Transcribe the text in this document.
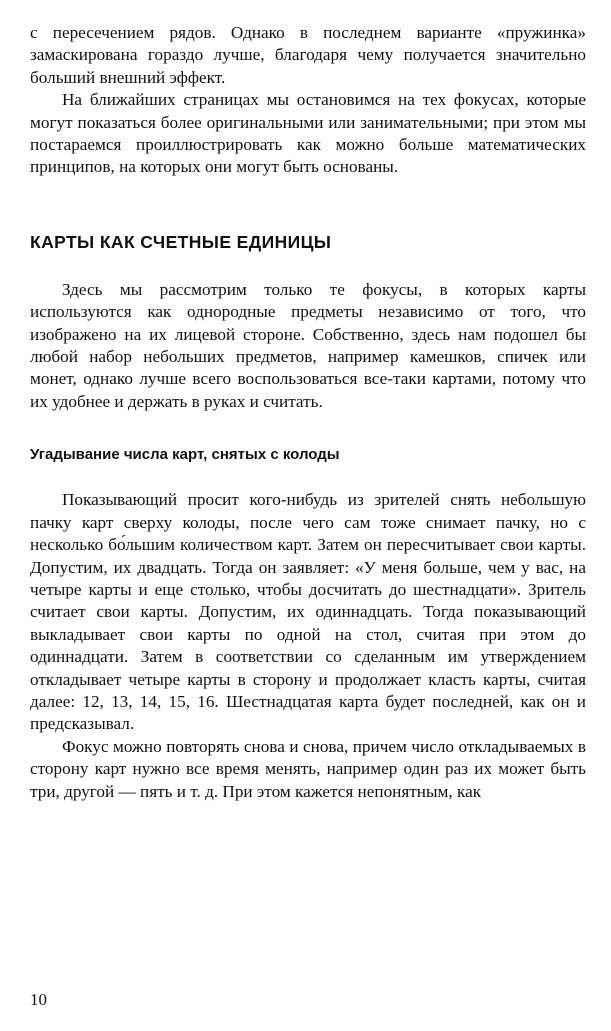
с пересечением рядов. Однако в последнем варианте «пружинка» замаскирована гораздо лучше, благодаря чему получается значительно больший внешний эффект.

На ближайших страницах мы остановимся на тех фокусах, которые могут показаться более оригинальными или занимательными; при этом мы постараемся проиллюстрировать как можно больше математических принципов, на которых они могут быть основаны.

КАРТЫ КАК СЧЕТНЫЕ ЕДИНИЦЫ

Здесь мы рассмотрим только те фокусы, в которых карты используются как однородные предметы независимо от того, что изображено на их лицевой стороне. Собственно, здесь нам подошел бы любой набор небольших предметов, например камешков, спичек или монет, однако лучше всего воспользоваться все-таки картами, потому что их удобнее и держать в руках и считать.

Угадывание числа карт, снятых с колоды

Показывающий просит кого-нибудь из зрителей снять небольшую пачку карт сверху колоды, после чего сам тоже снимает пачку, но с несколько бо́льшим количеством карт. Затем он пересчитывает свои карты. Допустим, их двадцать. Тогда он заявляет: «У меня больше, чем у вас, на четыре карты и еще столько, чтобы досчитать до шестнадцати». Зритель считает свои карты. Допустим, их одиннадцать. Тогда показывающий выкладывает свои карты по одной на стол, считая при этом до одиннадцати. Затем в соответствии со сделанным им утверждением откладывает четыре карты в сторону и продолжает класть карты, считая далее: 12, 13, 14, 15, 16. Шестнадцатая карта будет последней, как он и предсказывал.

Фокус можно повторять снова и снова, причем число откладываемых в сторону карт нужно все время менять, например один раз их может быть три, другой — пять и т. д. При этом кажется непонятным, как

10
